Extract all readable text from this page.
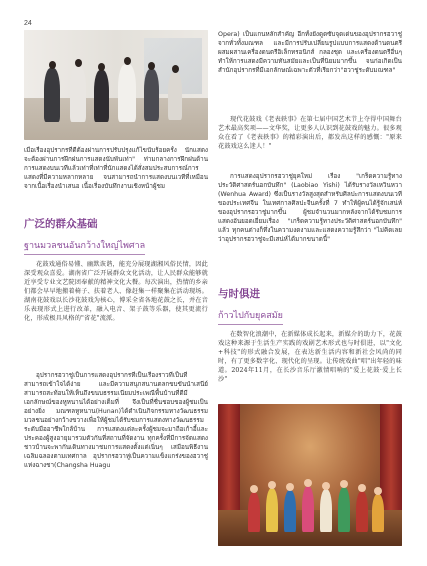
24

เมื่อเรื่องอุปรากรที่ดีต้องผ่านการปรับปรุงแก้ไขนับร้อยครั้ง นักแสดงจะต้องผ่านการฝึกฝนการแสดงนับพันเท่า" ท่ามกลางการฝึกฝนด้านการแสดงบนเวทีแล้วเท่าที่เท่าที่นักแสดงได้สั่งสมประสบการณ์การแสดงที่มีความหลากหลาย จนสามารถนำการแสดงบนเวทีที่เหมือนจากเนื้อเรื่องนำเสนอ เนื้อเรื่องบันทึกงานเชิงหน้าผู้ชม

广泛的群众基础
ฐานมวลชนอันกว้างใหญ่ไพศาล

花鼓戏通俗易懂、幽默诙谐，能充分展现湖湘风俗民情，因此深受观众喜爱。湖南省广泛开展群众文化活动，让人民群众能够就近享受专业文艺院团奉献的精神文化大餐。每次演出，热情的乡亲们都会早早地搬着椅子、扶着老人、像赶集一样聚集在活动现场。湖南花鼓戏以长沙花鼓戏为核心，博采全省各地花鼓之长，并在音乐表现形式上进行改革，融入电音、架子鼓等乐器，使其更流行化，形成极具风格的"省花"流派。

อุปรากรฮวาชู่เป็นการแสดงอุปรากรที่เป็นเรื่องราวที่เป็นที่สามารถเข้าใจได้ง่าย และมีความสนุกสนานตลกขบขันนำเสนีย์ สามารถสะท้อนให้เห็นถึงขนบธรรมเนียมประเพณีพื้นบ้านที่ดีมีเอกลักษณ์ของหูหนานได้อย่างเต็มที่ จึงเป็นที่ชื่นชอบของผู้ชมเป็นอย่างยิ่ง มณฑลหูหนาน(Hunan)ได้ดำเนินกิจกรรมทางวัฒนธรรมมวลชนอย่างกว้างขวางเพื่อให้ผู้ชมได้รับชมการแสดงทางวัฒนธรรมระดับมืออาชีพใกล้บ้าน การแสดงแต่ละครั้งผู้ชมจะมาถือเก้าอี้และประคองผู้สูงอายุมารวมตัวกันที่สถานที่จัดงาน ทุกครั้งที่มีการจัดแสดง ชาวบ้านจะพากันเดินทางมาชมการแสดงตั้งแต่เนิ่นๆ เสมือนพิธีงานเฉลิมฉลองตามเทศกาล อุปรากรฮวาหู่เป็นความแข็งแกร่งของฮวาชู่แห่งฉางชา(Changsha Huagu

Opera) เป็นแกนหลักสำคัญ อีกทั้งยังดูดซับจุดเด่นของอุปรากรฮวาชู่จากทั่วทั้งมณฑล และมีการปรับเปลี่ยนรูปแบบการแสดงด้านดนตรี ผสมผสานเครื่องดนตรีอิเล็กทรอนิกส์ กลองชุด และเครื่องดนตรีอื่นๆ ทำให้การแสดงมีความทันสมัยและเป็นที่นิยมมากขึ้น จนก่อเกิดเป็นสำนักอุปรากรที่มีเอกลักษณ์เฉพาะตัวที่เรียกว่า"ฮวาชู่ระดับมณฑล"

现代花鼓戏《老表轶事》在第七届中国艺术节上夺得中国舞台艺术最高奖项——文华奖，让更多人认识到花鼓戏的魅力。很多观众在看了《老表轶事》的精彩演出后，都发出这样的感慨："原来花鼓戏这么迷人！"

การแสดงอุปรากรฮวาชู่ยุคใหม่ เรื่อง "เกร็ดความรู้ทางประวัติศาสตร์นอกบันทึก" (Laobiao Yishi) ได้รับรางวัลเหวินหวา (Wenhua Award) ซึ่งเป็นรางวัลสูงสุดสำหรับศิลปะการแสดงบนเวทีของประเทศจีน ในเทศกาลศิลปะจีนครั้งที่ 7 ทำให้ผู้คนได้รู้จักเสน่ห์ของอุปรากรฮวาชู่มากขึ้น ผู้ชมจำนวนมากหลังจากได้รับชมการแสดงอันยอดเยี่ยมเรื่อง "เกร็ดความรู้ทางประวัติศาสตร์นอกบันทึก" แล้ว ทุกคนต่างก็ทึ่งในความงดงามและแสดงความรู้สึกว่า "ไม่คิดเลยว่าอุปรากรฮวาชู่จะมีเสน่ห์ได้มากขนาดนี้"

与时俱进
ก้าวไปกับยุคสมัย

在数智化浪潮中，在新媒体成长起来，新媒介的助力下，花鼓戏这种来源于生活生产实践的戏剧艺术形式也与时俱进，以"文化+科技"的形式融合发展，在表达新生活内容和新社会风尚的同时，有了更多数字化、现代化的呈现。让传统戏曲"唱"出年轻的味道。2024年11月，在长沙音乐厅激情唱响的"爱上花鼓·爱上长沙"
